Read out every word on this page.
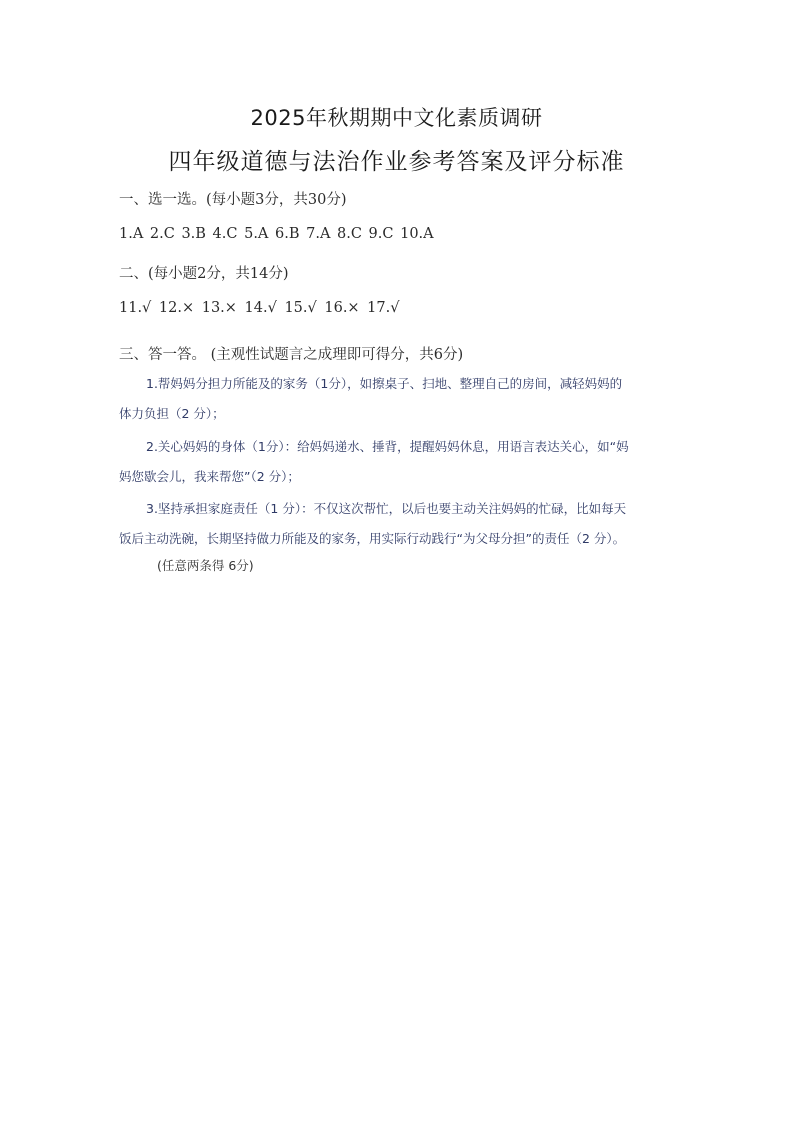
2025年秋期期中文化素质调研
四年级道德与法治作业参考答案及评分标准
一、选一选。(每小题3分，共30分)
1.A 2.C 3.B 4.C 5.A 6.B 7.A 8.C 9.C 10.A
二、(每小题2分，共14分)
11.√ 12.× 13.× 14.√ 15.√ 16.× 17.√
三、答一答。 (主观性试题言之成理即可得分，共6分)
1.帮妈妈分担力所能及的家务（1分），如擦桌子、扫地、整理自己的房间，减轻妈妈的
体力负担（2 分）；
2.关心妈妈的身体（1分）：给妈妈递水、捶背，提醒妈妈休息，用语言表达关心，如“妈
妈您歇会儿，我来帮您”（2 分）；
3.坚持承担家庭责任（1 分）：不仅这次帮忙，以后也要主动关注妈妈的忙碌，比如每天
饭后主动洗碗，长期坚持做力所能及的家务，用实际行动践行“为父母分担”的责任（2 分）。
(任意两条得 6分)
